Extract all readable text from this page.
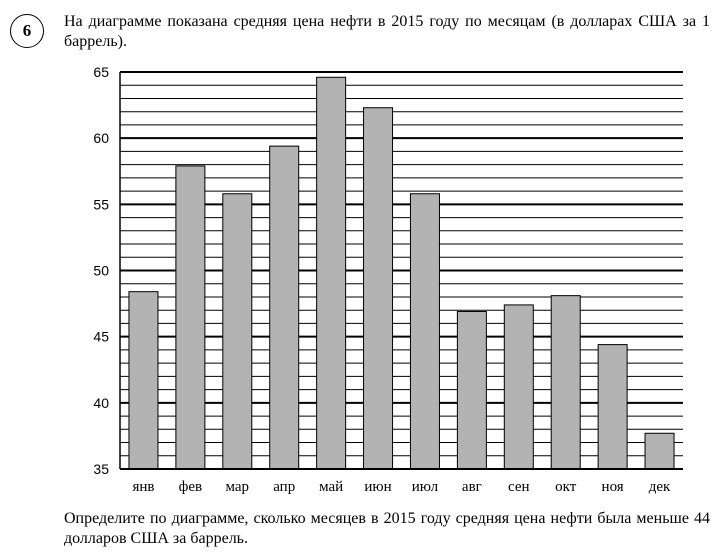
6 На диаграмме показана средняя цена нефти в 2015 году по месяцам (в долларах США за 1 баррель).
35
40
45
50
55
60
65
янв фев мар апр май июн июл авг сен окт ноя дек
Определите по диаграмме, сколько месяцев в 2015 году средняя цена нефти была меньше 44 долларов США за баррель.
